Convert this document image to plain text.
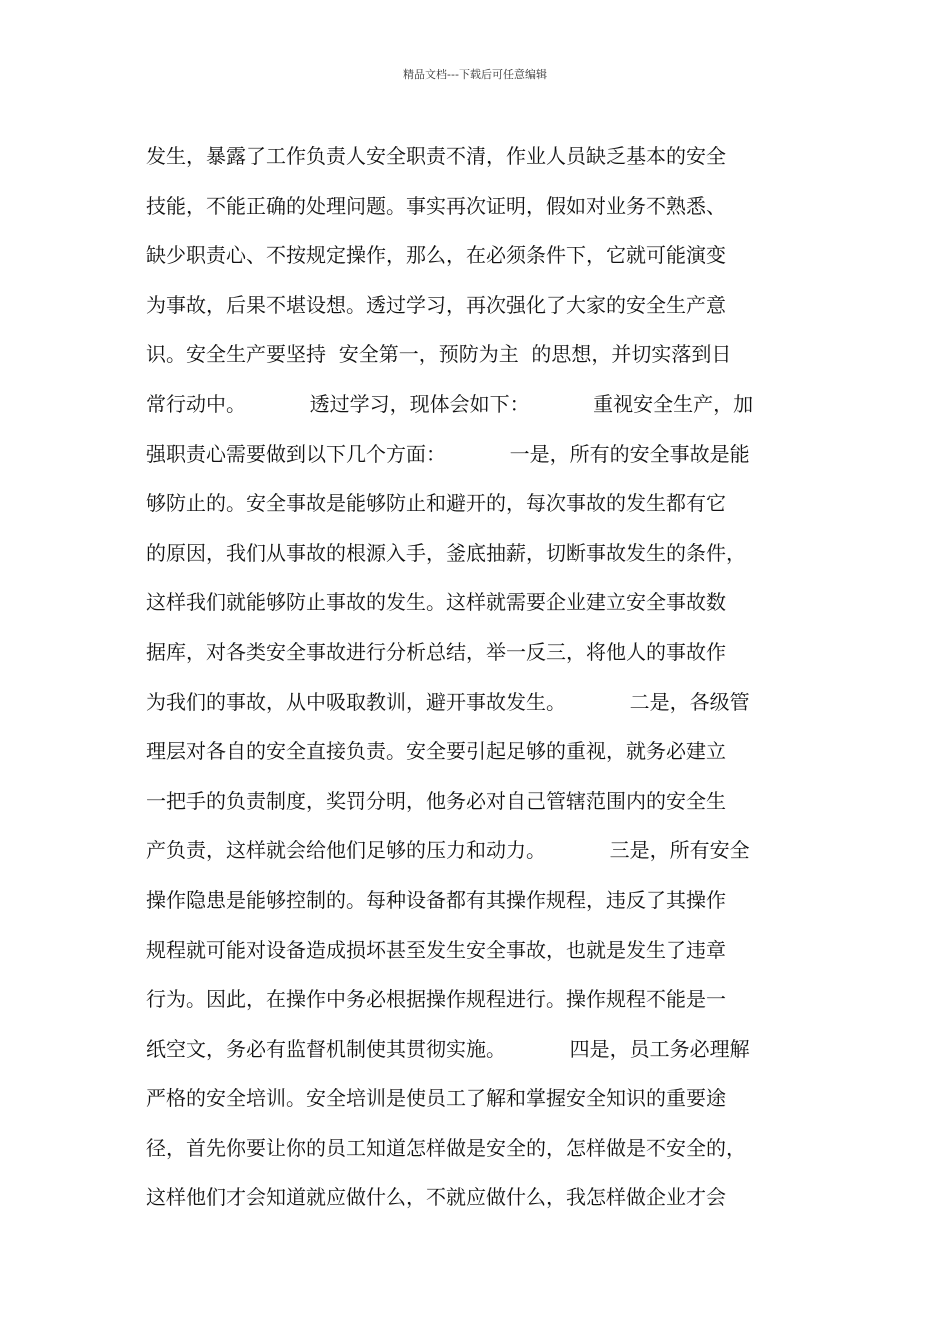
精品文档---下载后可任意编辑
发生，暴露了工作负责人安全职责不清，作业人员缺乏基本的安全
技能，不能正确的处理问题。事实再次证明，假如对业务不熟悉、
缺少职责心、不按规定操作，那么，在必须条件下，它就可能演变
为事故，后果不堪设想。透过学习，再次强化了大家的安全生产意
识。安全生产要坚持  安全第一，预防为主  的思想，并切实落到日
常行动中。          透过学习，现体会如下：          重视安全生产，加
强职责心需要做到以下几个方面：          一是，所有的安全事故是能
够防止的。安全事故是能够防止和避开的，每次事故的发生都有它
的原因，我们从事故的根源入手，釜底抽薪，切断事故发生的条件，
这样我们就能够防止事故的发生。这样就需要企业建立安全事故数
据库，对各类安全事故进行分析总结，举一反三，将他人的事故作
为我们的事故，从中吸取教训，避开事故发生。          二是，各级管
理层对各自的安全直接负责。安全要引起足够的重视，就务必建立
一把手的负责制度，奖罚分明，他务必对自己管辖范围内的安全生
产负责，这样就会给他们足够的压力和动力。          三是，所有安全
操作隐患是能够控制的。每种设备都有其操作规程，违反了其操作
规程就可能对设备造成损坏甚至发生安全事故，也就是发生了违章
行为。因此，在操作中务必根据操作规程进行。操作规程不能是一
纸空文，务必有监督机制使其贯彻实施。          四是，员工务必理解
严格的安全培训。安全培训是使员工了解和掌握安全知识的重要途
径，首先你要让你的员工知道怎样做是安全的，怎样做是不安全的，
这样他们才会知道就应做什么，不就应做什么，我怎样做企业才会
